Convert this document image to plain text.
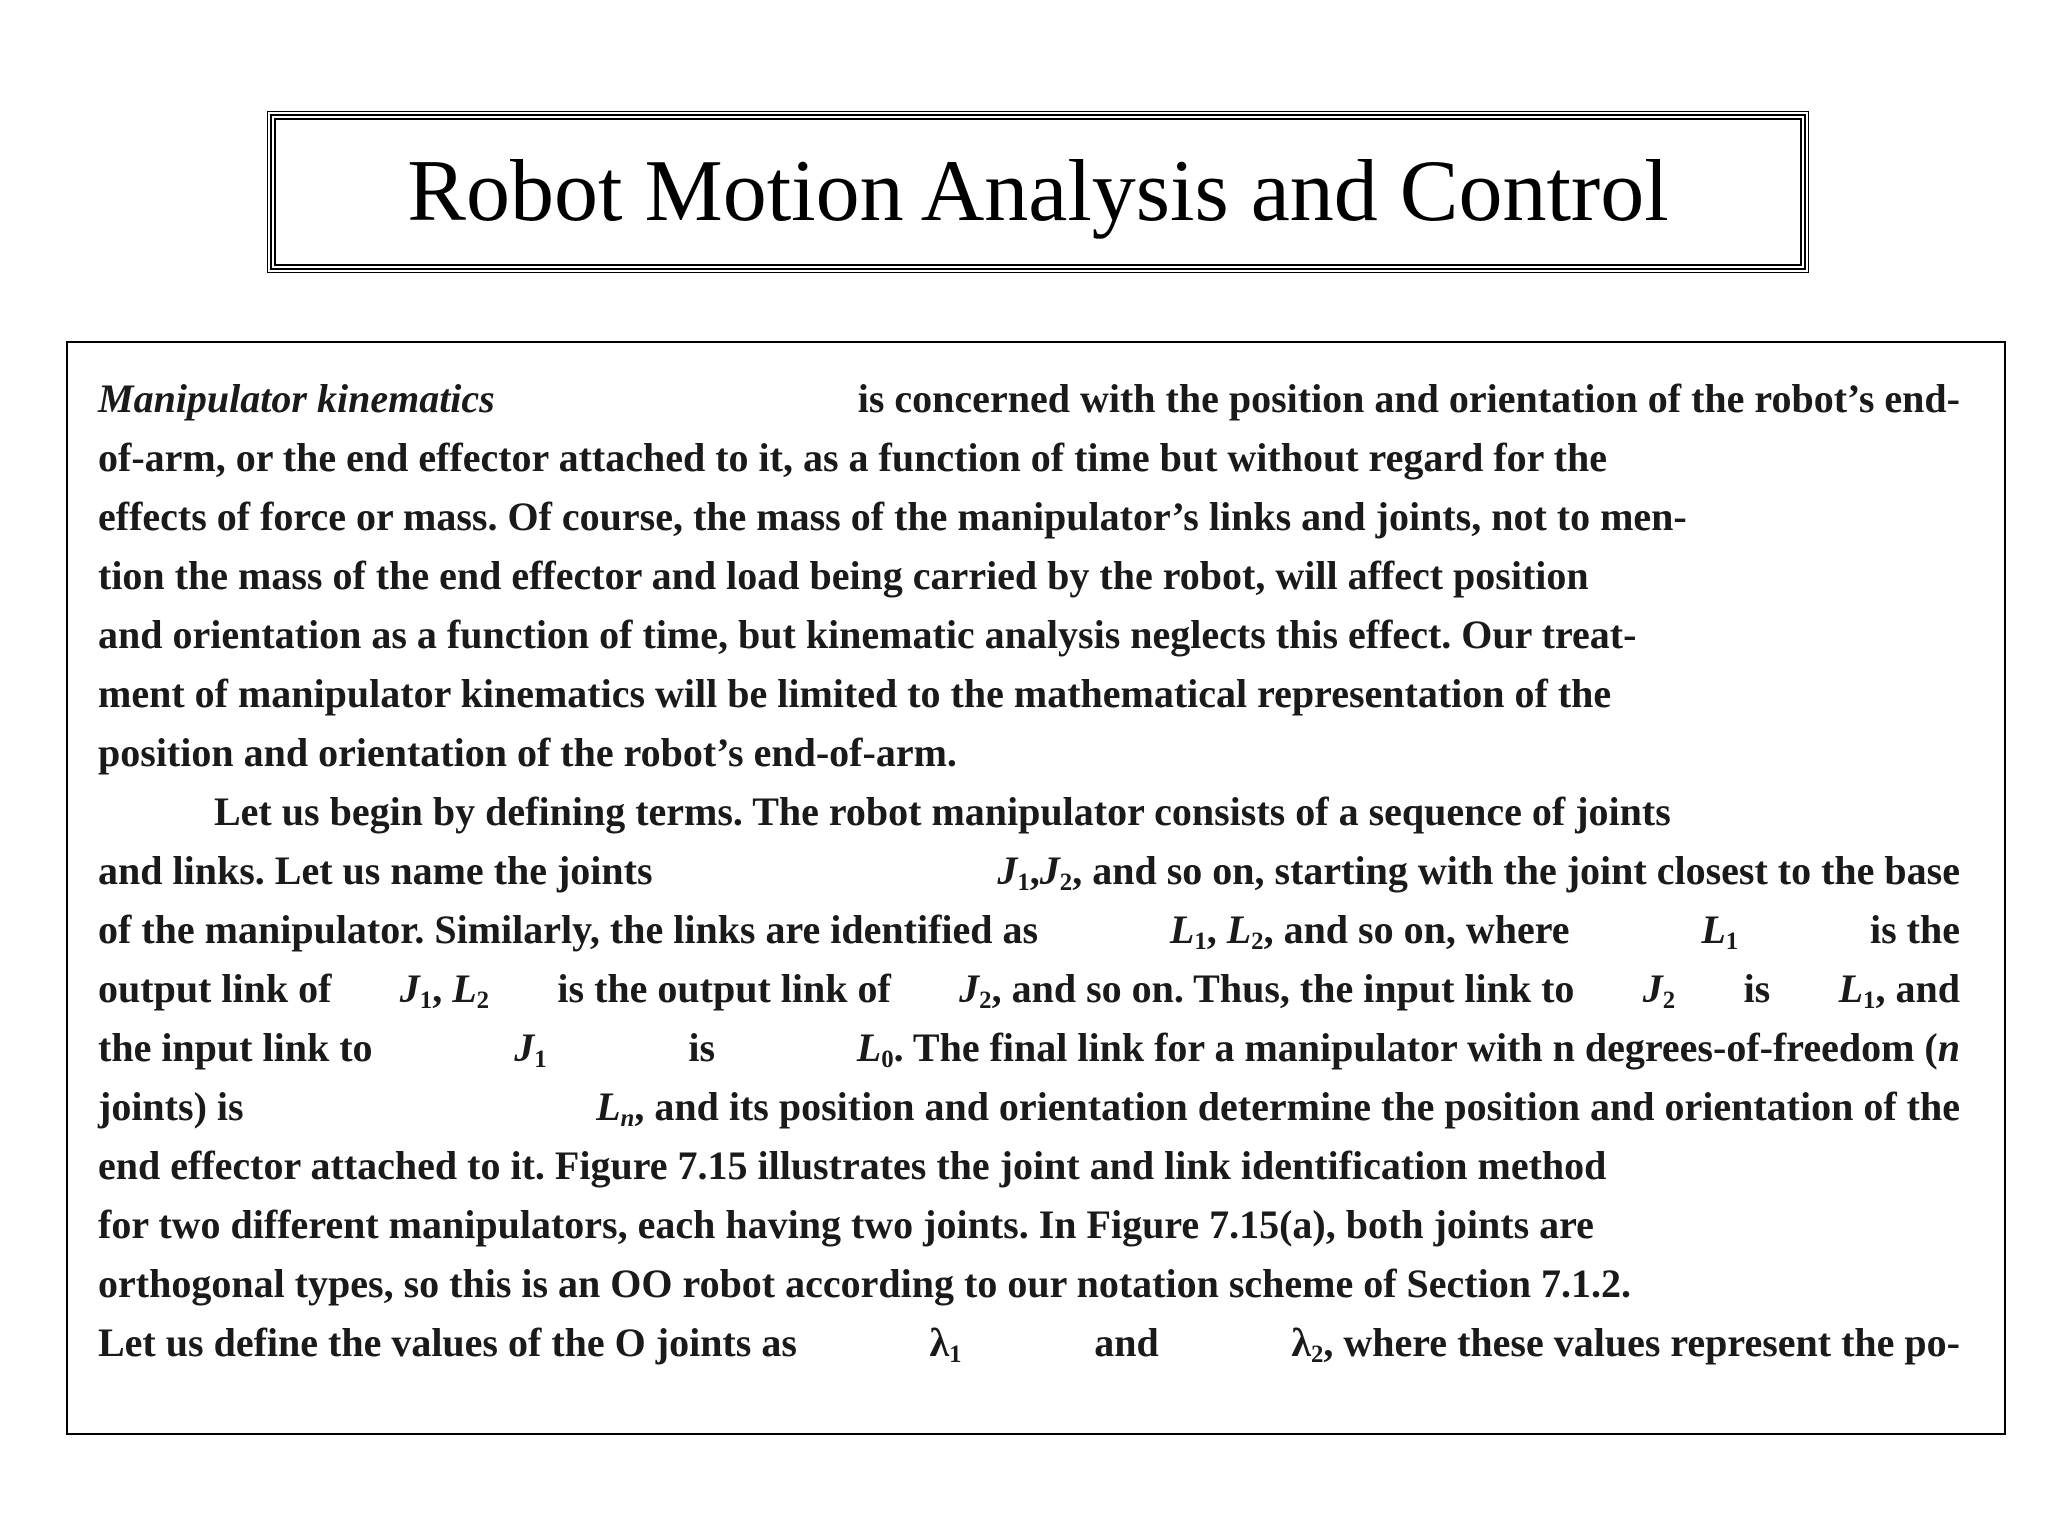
Robot Motion Analysis and Control
Manipulator kinematics	is concerned with the position and orientation of the robot’s end-
of-arm, or the end effector attached to it, as a function of time but without regard for the
effects of force or mass. Of course, the mass of the manipulator’s links and joints, not to men-
tion the mass of the end effector and load being carried by the robot, will affect position
and orientation as a function of time, but kinematic analysis neglects this effect. Our treat-
ment of manipulator kinematics will be limited to the mathematical representation of the
position and orientation of the robot’s end-of-arm.
Let us begin by defining terms. The robot manipulator consists of a sequence of joints
and links. Let us name the joints	$J_1,J_2$, and so on, starting with the joint closest to the base
of the manipulator. Similarly, the links are identified as	$L_1$, $L_2$, and so on, where	$L_1$	is the
output link of $J_1$, $L_2$ is the output link of $J_2$, and so on. Thus, the input link to $J_2$ is $L_1$, and
the input link to	$J_1$	is	$L_0$. The final link for a manipulator with n degrees-of-freedom (n
joints) is	$L_n$, and its position and orientation determine the position and orientation of the
end effector attached to it. Figure 7.15 illustrates the joint and link identification method
for two different manipulators, each having two joints. In Figure 7.15(a), both joints are
orthogonal types, so this is an OO robot according to our notation scheme of Section 7.1.2.
Let us define the values of the O joints as	$\lambda_1$	and	$\lambda_2$, where these values represent the po-
